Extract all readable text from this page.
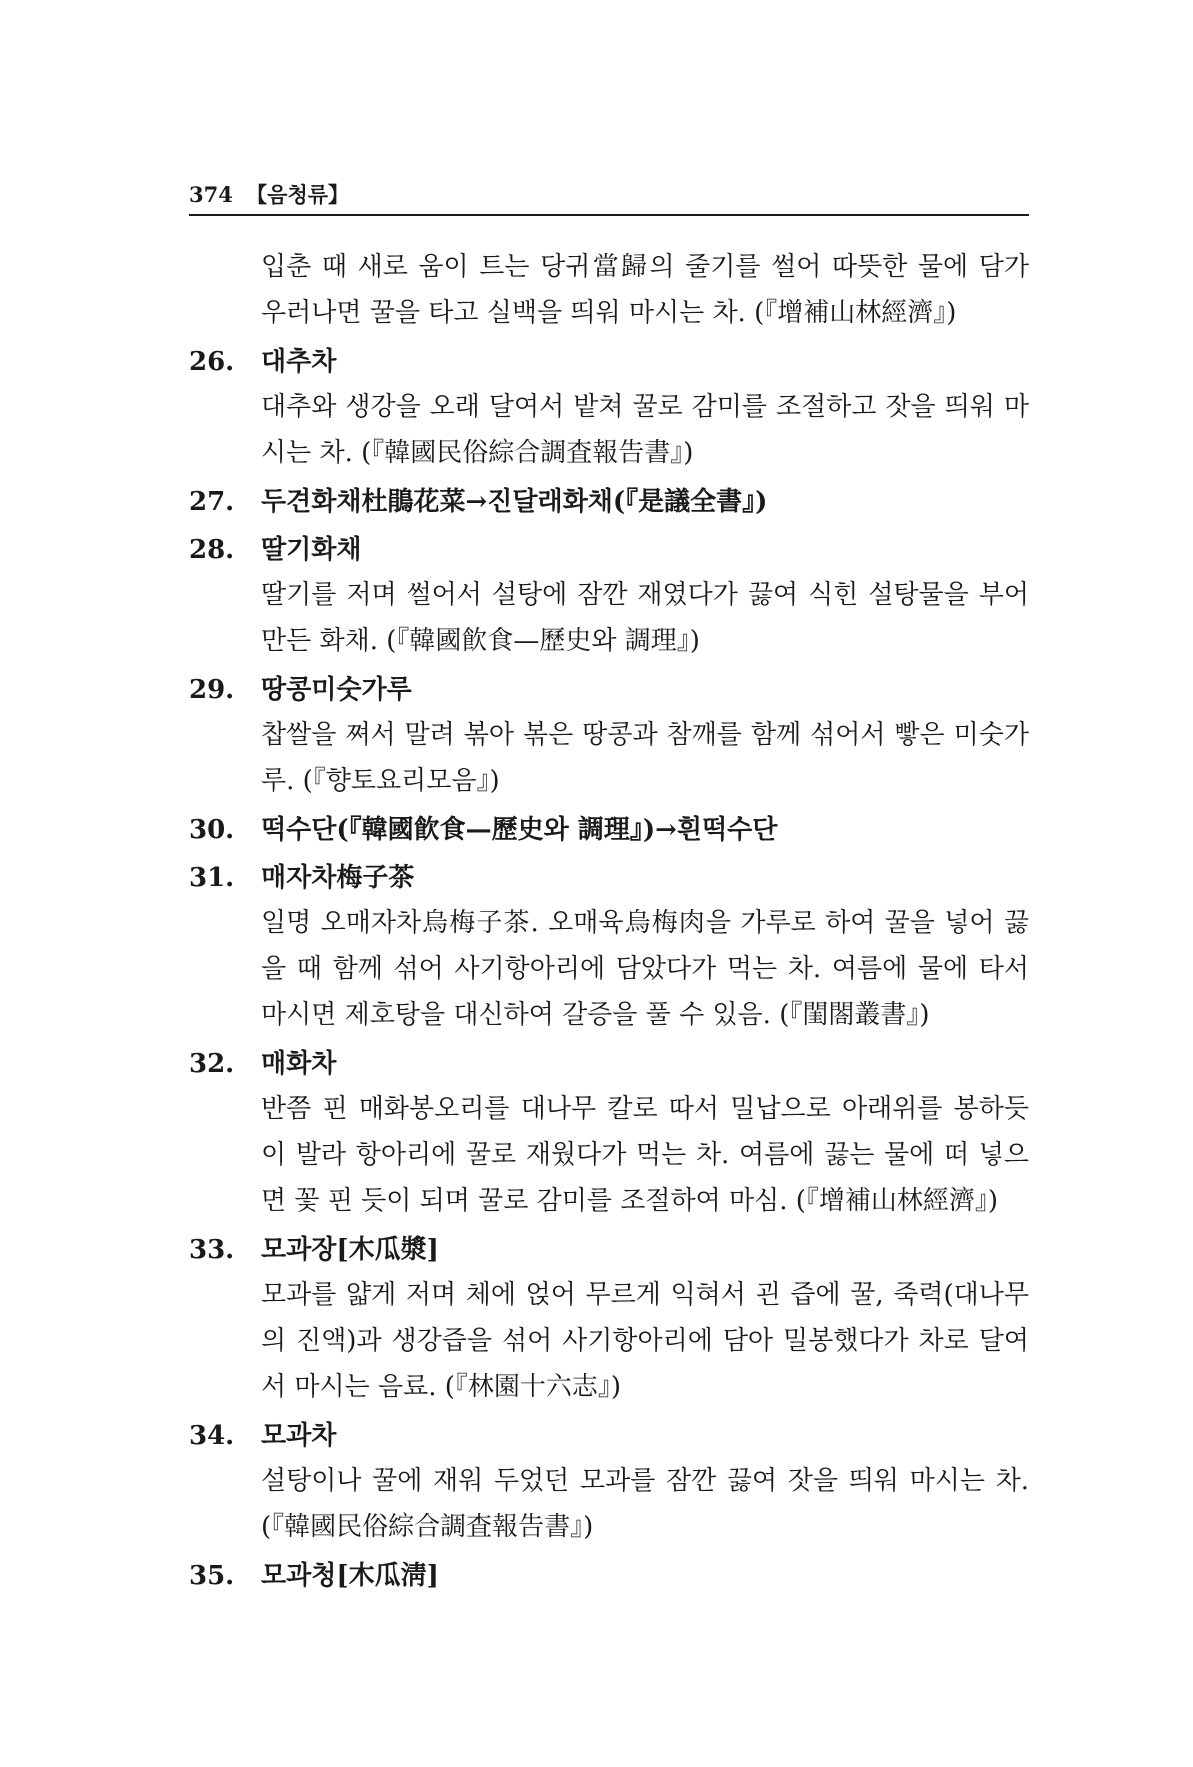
374 【음청류】
입춘 때 새로 움이 트는 당귀當歸의 줄기를 썰어 따뜻한 물에 담가 우러나면 꿀을 타고 실백을 띄워 마시는 차. (『增補山林經濟』)
26. 대추차
대추와 생강을 오래 달여서 밭쳐 꿀로 감미를 조절하고 잣을 띄워 마시는 차. (『韓國民俗綜合調査報告書』)
27. 두견화채杜鵑花菜→진달래화채(『是議全書』)
28. 딸기화채
딸기를 저며 썰어서 설탕에 잠깐 재였다가 끓여 식힌 설탕물을 부어 만든 화채. (『韓國飮食—歷史와 調理』)
29. 땅콩미숫가루
찹쌀을 쪄서 말려 볶아 볶은 땅콩과 참깨를 함께 섞어서 빻은 미숫가루. (『향토요리모음』)
30. 떡수단(『韓國飮食—歷史와 調理』)→흰떡수단
31. 매자차梅子茶
일명 오매자차烏梅子茶. 오매육烏梅肉을 가루로 하여 꿀을 넣어 끓을 때 함께 섞어 사기항아리에 담았다가 먹는 차. 여름에 물에 타서 마시면 제호탕을 대신하여 갈증을 풀 수 있음. (『閨閤叢書』)
32. 매화차
반쯤 핀 매화봉오리를 대나무 칼로 따서 밀납으로 아래위를 봉하듯이 발라 항아리에 꿀로 재웠다가 먹는 차. 여름에 끓는 물에 떠 넣으면 꽃 핀 듯이 되며 꿀로 감미를 조절하여 마심. (『增補山林經濟』)
33. 모과장[木瓜漿]
모과를 얇게 저며 체에 얹어 무르게 익혀서 괸 즙에 꿀, 죽력(대나무의 진액)과 생강즙을 섞어 사기항아리에 담아 밀봉했다가 차로 달여서 마시는 음료. (『林園十六志』)
34. 모과차
설탕이나 꿀에 재워 두었던 모과를 잠깐 끓여 잣을 띄워 마시는 차. (『韓國民俗綜合調査報告書』)
35. 모과청[木瓜淸]
